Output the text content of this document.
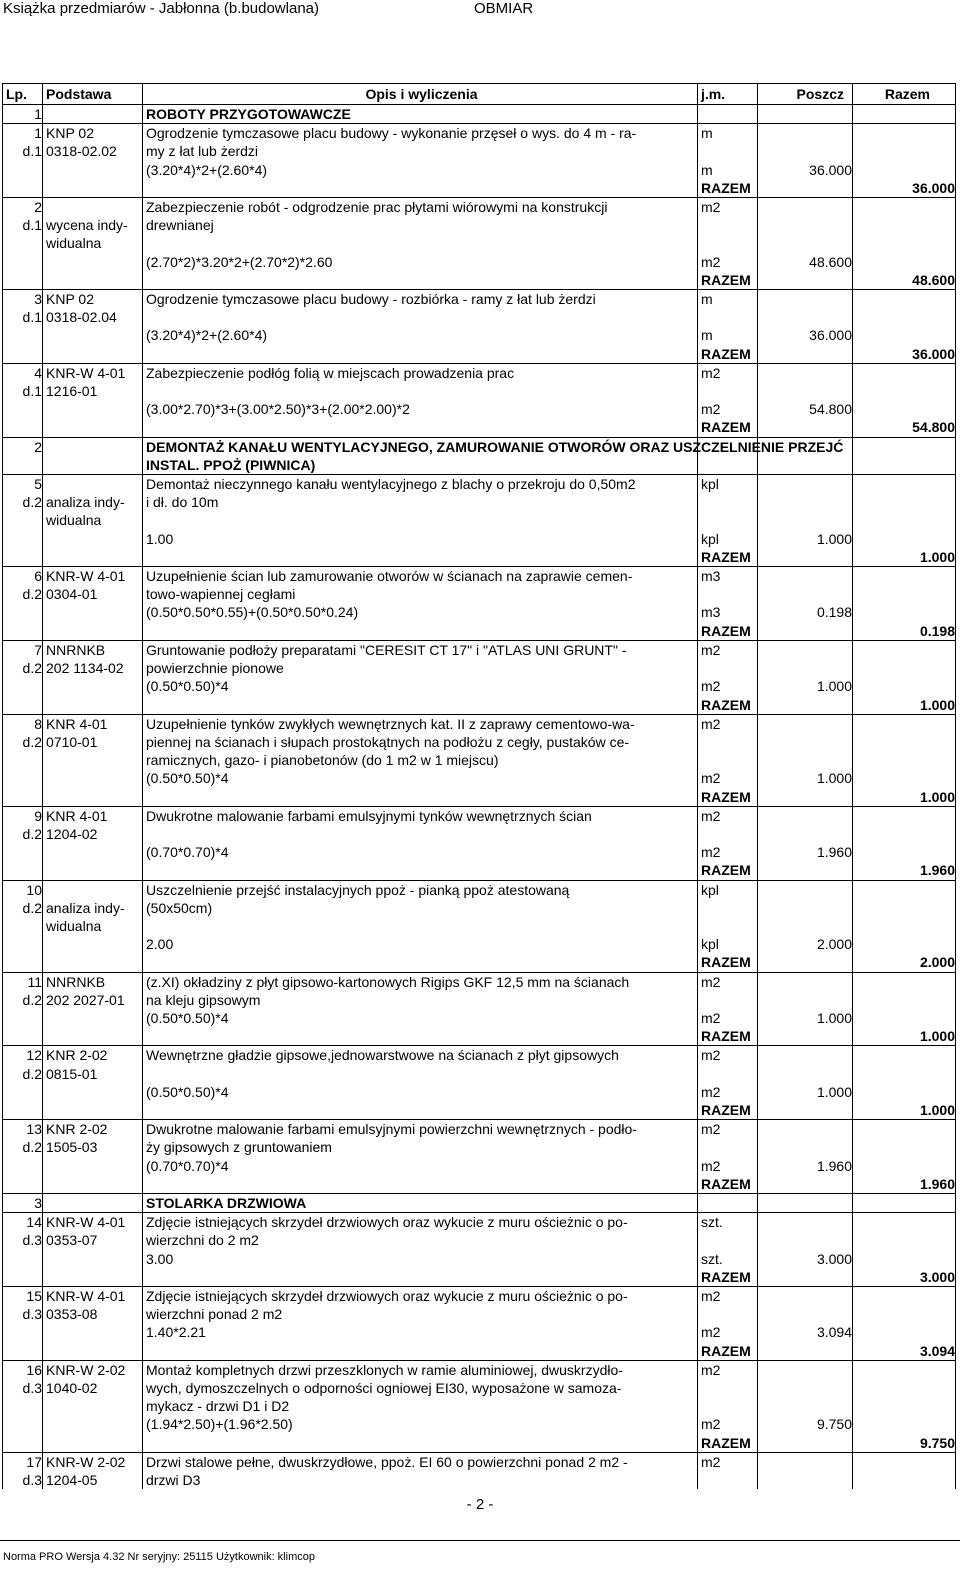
Książka przedmiarów - Jabłonna (b.budowlana)	OBMIAR
Lp.	Podstawa	Opis i wyliczenia	j.m.	Poszcz	Razem
1		ROBOTY PRZYGOTOWAWCZE			
1	KNP 02	Ogrodzenie tymczasowe placu budowy - wykonanie przęseł o wys. do 4 m - ra-	m		
d.1	0318-02.02	my z łat lub żerdzi			
		(3.20*4)*2+(2.60*4)	m	36.000	
			RAZEM		36.000
2		Zabezpieczenie robót - odgrodzenie prac płytami wiórowymi na konstrukcji	m2		
d.1	wycena indy-	drewnianej			
	widualna				
		(2.70*2)*3.20*2+(2.70*2)*2.60	m2	48.600	
			RAZEM		48.600
3	KNP 02	Ogrodzenie tymczasowe placu budowy - rozbiórka - ramy z łat lub żerdzi	m		
d.1	0318-02.04				
		(3.20*4)*2+(2.60*4)	m	36.000	
			RAZEM		36.000
4	KNR-W 4-01	Zabezpieczenie podłóg folią w miejscach prowadzenia prac	m2		
d.1	1216-01				
		(3.00*2.70)*3+(3.00*2.50)*3+(2.00*2.00)*2	m2	54.800	
			RAZEM		54.800
2		DEMONTAŻ KANAŁU WENTYLACYJNEGO, ZAMUROWANIE OTWORÓW ORAZ USZCZELNIENIE PRZEJĆ			
		INSTAL. PPOŻ (PIWNICA)			
5		Demontaż nieczynnego kanału wentylacyjnego z blachy o przekroju do 0,50m2	kpl		
d.2	analiza indy-	i dł. do 10m			
	widualna				
		1.00	kpl	1.000	
			RAZEM		1.000
6	KNR-W 4-01	Uzupełnienie ścian lub zamurowanie otworów w ścianach na zaprawie cemen-	m3		
d.2	0304-01	towo-wapiennej cegłami			
		(0.50*0.50*0.55)+(0.50*0.50*0.24)	m3	0.198	
			RAZEM		0.198
7	NNRNKB	Gruntowanie podłoży preparatami "CERESIT CT 17" i "ATLAS UNI GRUNT" -	m2		
d.2	202 1134-02	powierzchnie pionowe			
		(0.50*0.50)*4	m2	1.000	
			RAZEM		1.000
8	KNR 4-01	Uzupełnienie tynków zwykłych wewnętrznych kat. II z zaprawy cementowo-wa-	m2		
d.2	0710-01	piennej na ścianach i słupach prostokątnych na podłożu z cegły, pustaków ce-			
		ramicznych, gazo- i pianobetonów (do 1 m2 w 1 miejscu)			
		(0.50*0.50)*4	m2	1.000	
			RAZEM		1.000
9	KNR 4-01	Dwukrotne malowanie farbami emulsyjnymi tynków wewnętrznych ścian	m2		
d.2	1204-02				
		(0.70*0.70)*4	m2	1.960	
			RAZEM		1.960
10		Uszczelnienie przejść instalacyjnych ppoż - pianką ppoż atestowaną	kpl		
d.2	analiza indy-	(50x50cm)			
	widualna				
		2.00	kpl	2.000	
			RAZEM		2.000
11	NNRNKB	(z.XI) okładziny z płyt gipsowo-kartonowych Rigips GKF 12,5 mm na ścianach	m2		
d.2	202 2027-01	na kleju gipsowym			
		(0.50*0.50)*4	m2	1.000	
			RAZEM		1.000
12	KNR 2-02	Wewnętrzne gładzie gipsowe,jednowarstwowe na ścianach z płyt gipsowych	m2		
d.2	0815-01				
		(0.50*0.50)*4	m2	1.000	
			RAZEM		1.000
13	KNR 2-02	Dwukrotne malowanie farbami emulsyjnymi powierzchni wewnętrznych - podło-	m2		
d.2	1505-03	ży gipsowych z gruntowaniem			
		(0.70*0.70)*4	m2	1.960	
			RAZEM		1.960
3		STOLARKA DRZWIOWA			
14	KNR-W 4-01	Zdjęcie istniejących skrzydeł drzwiowych oraz wykucie z muru ościeżnic o po-	szt.		
d.3	0353-07	wierzchni do 2 m2			
		3.00	szt.	3.000	
			RAZEM		3.000
15	KNR-W 4-01	Zdjęcie istniejących skrzydeł drzwiowych oraz wykucie z muru ościeżnic o po-	m2		
d.3	0353-08	wierzchni ponad 2 m2			
		1.40*2.21	m2	3.094	
			RAZEM		3.094
16	KNR-W 2-02	Montaż kompletnych drzwi przeszklonych w ramie aluminiowej, dwuskrzydło-	m2		
d.3	1040-02	wych, dymoszczelnych o odporności ogniowej EI30, wyposażone w samoza-			
		mykacz - drzwi D1 i D2			
		(1.94*2.50)+(1.96*2.50)	m2	9.750	
			RAZEM		9.750
17	KNR-W 2-02	Drzwi stalowe pełne, dwuskrzydłowe, ppoż. EI 60 o powierzchni ponad 2 m2 -	m2		
d.3	1204-05	drzwi D3			
- 2 -
Norma PRO Wersja 4.32 Nr seryjny: 25115 Użytkownik: klimcop
